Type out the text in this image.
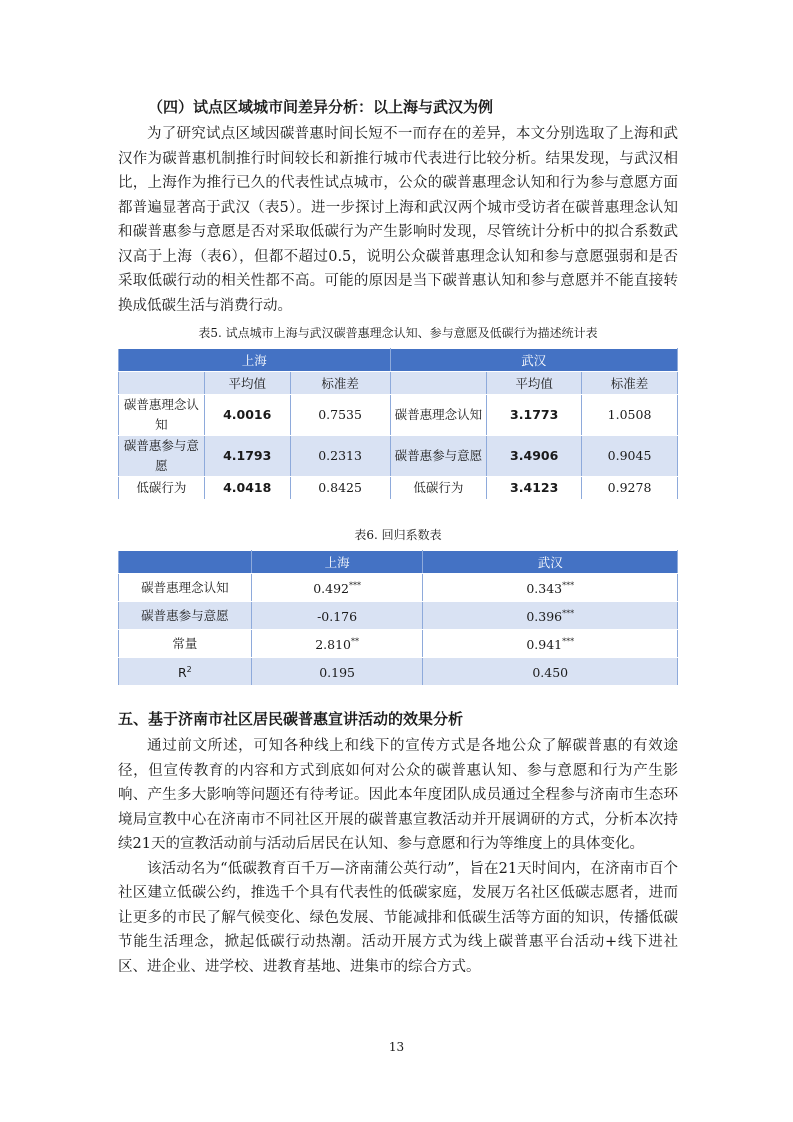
（四）试点区域城市间差异分析：以上海与武汉为例

为了研究试点区域因碳普惠时间长短不一而存在的差异，本文分别选取了上海和武汉作为碳普惠机制推行时间较长和新推行城市代表进行比较分析。结果发现，与武汉相比，上海作为推行已久的代表性试点城市，公众的碳普惠理念认知和行为参与意愿方面都普遍显著高于武汉（表5）。进一步探讨上海和武汉两个城市受访者在碳普惠理念认知和碳普惠参与意愿是否对采取低碳行为产生影响时发现，尽管统计分析中的拟合系数武汉高于上海（表6），但都不超过0.5，说明公众碳普惠理念认知和参与意愿强弱和是否采取低碳行动的相关性都不高。可能的原因是当下碳普惠认知和参与意愿并不能直接转换成低碳生活与消费行动。

表5. 试点城市上海与武汉碳普惠理念认知、参与意愿及低碳行为描述统计表
上海			武汉		
	平均值	标准差		平均值	标准差
碳普惠理念认知	4.0016	0.7535	碳普惠理念认知	3.1773	1.0508
碳普惠参与意愿	4.1793	0.2313	碳普惠参与意愿	3.4906	0.9045
低碳行为	4.0418	0.8425	低碳行为	3.4123	0.9278
表6. 回归系数表
	上海	武汉
碳普惠理念认知	0.492***	0.343***
碳普惠参与意愿	-0.176	0.396***
常量	2.810**	0.941***
$R^2$	0.195	0.450
五、基于济南市社区居民碳普惠宣讲活动的效果分析

通过前文所述，可知各种线上和线下的宣传方式是各地公众了解碳普惠的有效途径，但宣传教育的内容和方式到底如何对公众的碳普惠认知、参与意愿和行为产生影响、产生多大影响等问题还有待考证。因此本年度团队成员通过全程参与济南市生态环境局宣教中心在济南市不同社区开展的碳普惠宣教活动并开展调研的方式，分析本次持续21天的宣教活动前与活动后居民在认知、参与意愿和行为等维度上的具体变化。

该活动名为“低碳教育百千万—济南蒲公英行动”，旨在21天时间内，在济南市百个社区建立低碳公约，推选千个具有代表性的低碳家庭，发展万名社区低碳志愿者，进而让更多的市民了解气候变化、绿色发展、节能减排和低碳生活等方面的知识，传播低碳节能生活理念，掀起低碳行动热潮。活动开展方式为线上碳普惠平台活动+线下进社区、进企业、进学校、进教育基地、进集市的综合方式。

13
